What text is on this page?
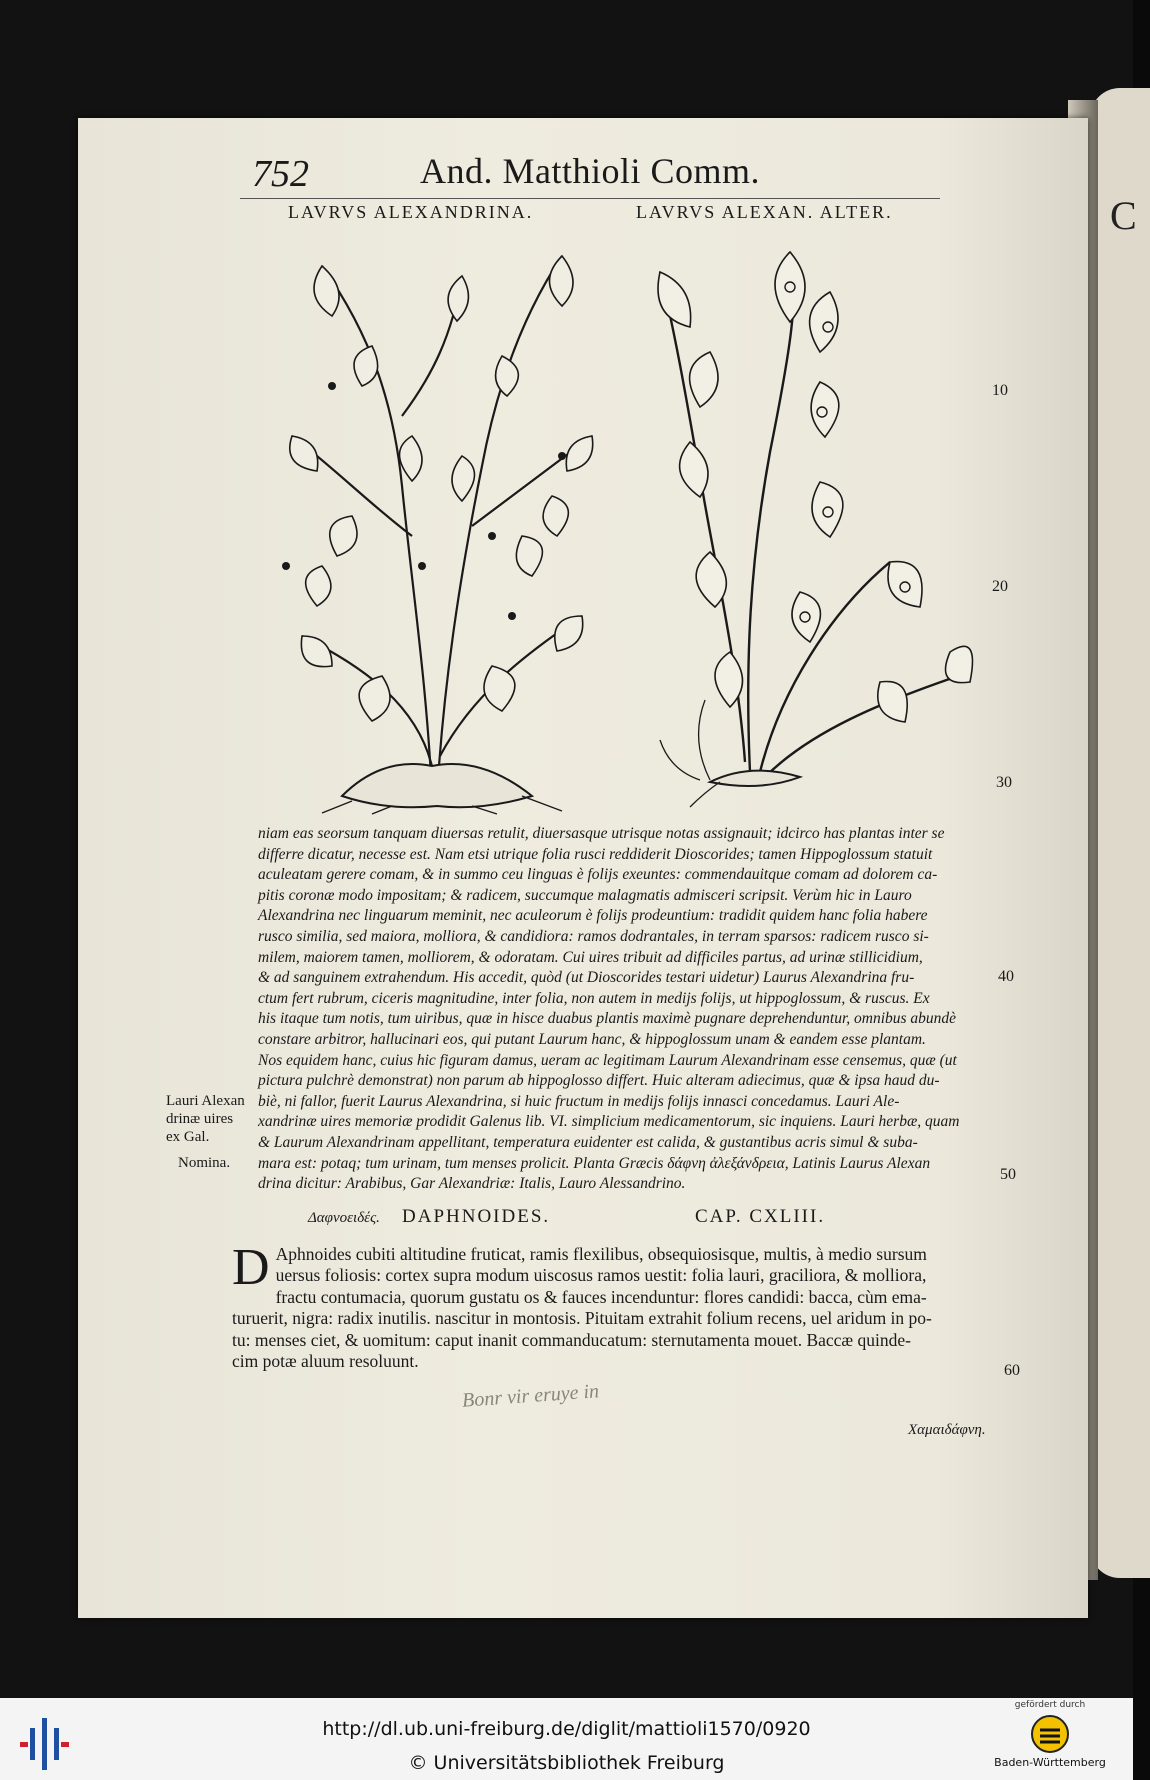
C
752	And. Matthioli Comm.
LAVRVS ALEXANDRINA.	LAVRVS ALEXAN. ALTER.

niam eas seorsum tanquam diuersas retulit, diuersasque utrisque notas assignauit; idcirco has plantas inter se

differre dicatur, necesse est. Nam etsi utrique folia rusci reddiderit Dioscorides; tamen Hippoglossum statuit

aculeatam gerere comam, & in summo ceu linguas è folijs exeuntes: commendauitque comam ad dolorem ca-

pitis coronæ modo impositam; & radicem, succumque malagmatis admisceri scripsit. Verùm hic in Lauro

Alexandrina nec linguarum meminit, nec aculeorum è folijs prodeuntium: tradidit quidem hanc folia habere

rusco similia, sed maiora, molliora, & candidiora: ramos dodrantales, in terram sparsos: radicem rusco si-

milem, maiorem tamen, molliorem, & odoratam. Cui uires tribuit ad difficiles partus, ad urinæ stillicidium,

& ad sanguinem extrahendum. His accedit, quòd (ut Dioscorides testari uidetur) Laurus Alexandrina fru-

ctum fert rubrum, ciceris magnitudine, inter folia, non autem in medijs folijs, ut hippoglossum, & ruscus. Ex

his itaque tum notis, tum uiribus, quæ in hisce duabus plantis maximè pugnare deprehenduntur, omnibus abundè

constare arbitror, hallucinari eos, qui putant Laurum hanc, & hippoglossum unam & eandem esse plantam.

Nos equidem hanc, cuius hic figuram damus, ueram ac legitimam Laurum Alexandrinam esse censemus, quæ (ut

pictura pulchrè demonstrat) non parum ab hippoglosso differt. Huic alteram adiecimus, quæ & ipsa haud du-

biè, ni fallor, fuerit Laurus Alexandrina, si huic fructum in medijs folijs innasci concedamus. Lauri Ale-

xandrinæ uires memoriæ prodidit Galenus lib. VI. simplicium medicamentorum, sic inquiens. Lauri herbæ, quam

& Laurum Alexandrinam appellitant, temperatura euidenter est calida, & gustantibus acris simul & suba-

mara est: potaq; tum urinam, tum menses prolicit. Planta Græcis δάφνη ἀλεξάνδρεια, Latinis Laurus Alexan

drina dicitur: Arabibus, Gar Alexandriæ: Italis, Lauro Alessandrino.

Lauri Alexan
drinæ uires
ex Gal.
Nomina.
10
20
30
40
50
60
Δαφνοειδές. DAPHNOIDES.	CAP. CXLIII.
D Aphnoides cubiti altitudine fruticat, ramis flexilibus, obsequiosisque, multis, à medio sursum
uersus foliosis: cortex supra modum uiscosus ramos uestit: folia lauri, graciliora, & molliora,
fractu contumacia, quorum gustatu os & fauces incenduntur: flores candidi: bacca, cùm ema-
turuerit, nigra: radix inutilis. nascitur in montosis. Pituitam extrahit folium recens, uel aridum in po-
tu: menses ciet, & uomitum: caput inanit commanducatum: sternutamenta mouet. Baccæ quinde-
cim potæ aluum resoluunt.
Bonr vir eruye in
Χαμαιδάφνη.
http://dl.ub.uni-freiburg.de/diglit/mattioli1570/0920
© Universitätsbibliothek Freiburg
gefördert durch
Baden-Württemberg
